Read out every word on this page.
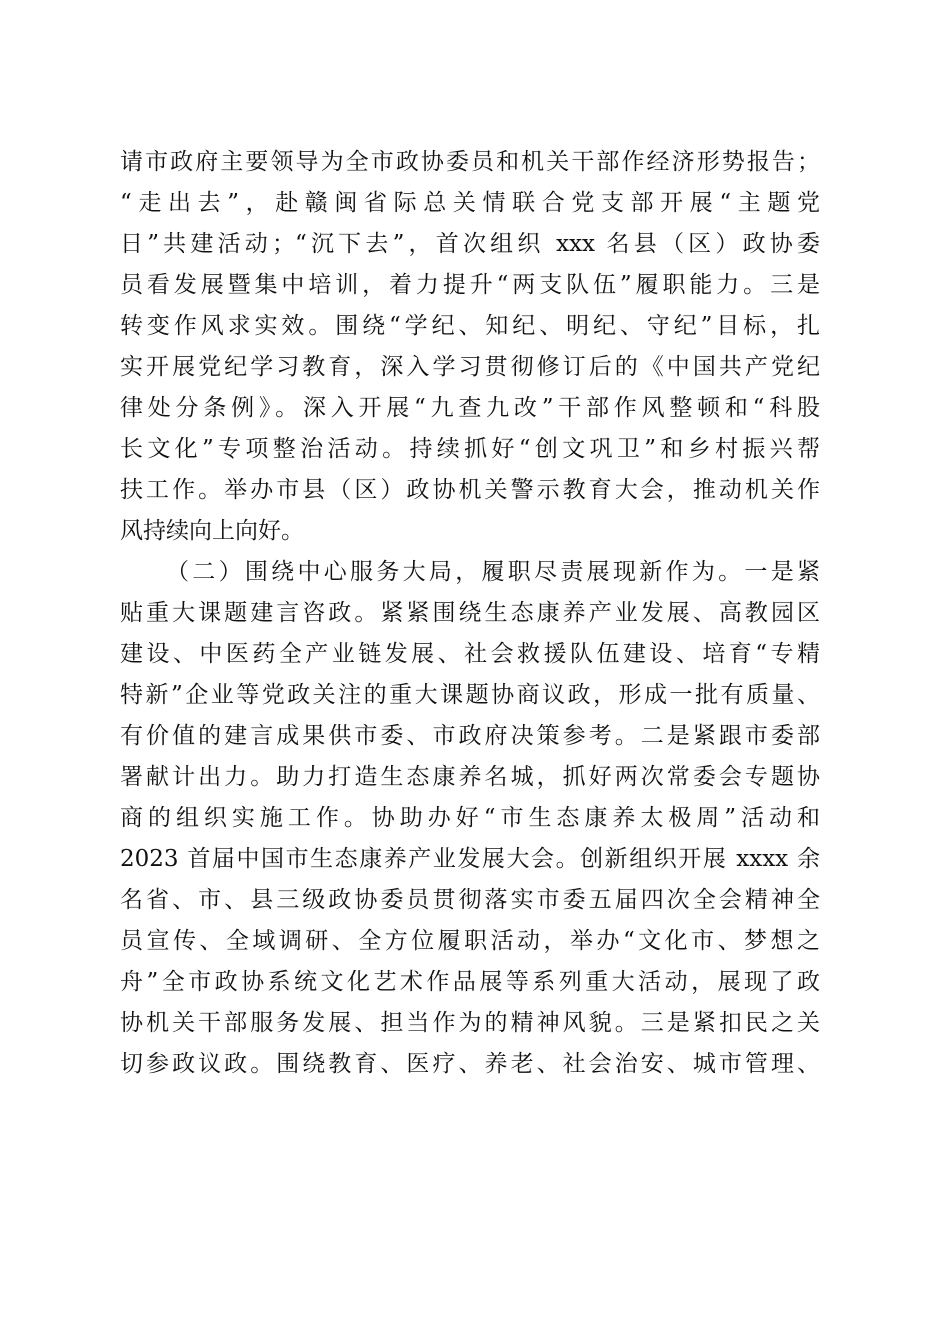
请市政府主要领导为全市政协委员和机关干部作经济形势报告；
“走出去”，赴赣闽省际总关情联合党支部开展“主题党
日”共建活动；“沉下去”，首次组织 xxx 名县（区）政协委
员看发展暨集中培训，着力提升“两支队伍”履职能力。三是
转变作风求实效。围绕“学纪、知纪、明纪、守纪”目标，扎
实开展党纪学习教育，深入学习贯彻修订后的《中国共产党纪
律处分条例》。深入开展“九查九改”干部作风整顿和“科股
长文化”专项整治活动。持续抓好“创文巩卫”和乡村振兴帮
扶工作。举办市县（区）政协机关警示教育大会，推动机关作
风持续向上向好。
（二）围绕中心服务大局，履职尽责展现新作为。一是紧
贴重大课题建言咨政。紧紧围绕生态康养产业发展、高教园区
建设、中医药全产业链发展、社会救援队伍建设、培育“专精
特新”企业等党政关注的重大课题协商议政，形成一批有质量、
有价值的建言成果供市委、市政府决策参考。二是紧跟市委部
署献计出力。助力打造生态康养名城，抓好两次常委会专题协
商的组织实施工作。协助办好“市生态康养太极周”活动和
2023 首届中国市生态康养产业发展大会。创新组织开展 xxxx 余
名省、市、县三级政协委员贯彻落实市委五届四次全会精神全
员宣传、全域调研、全方位履职活动，举办“文化市、梦想之
舟”全市政协系统文化艺术作品展等系列重大活动，展现了政
协机关干部服务发展、担当作为的精神风貌。三是紧扣民之关
切参政议政。围绕教育、医疗、养老、社会治安、城市管理、
